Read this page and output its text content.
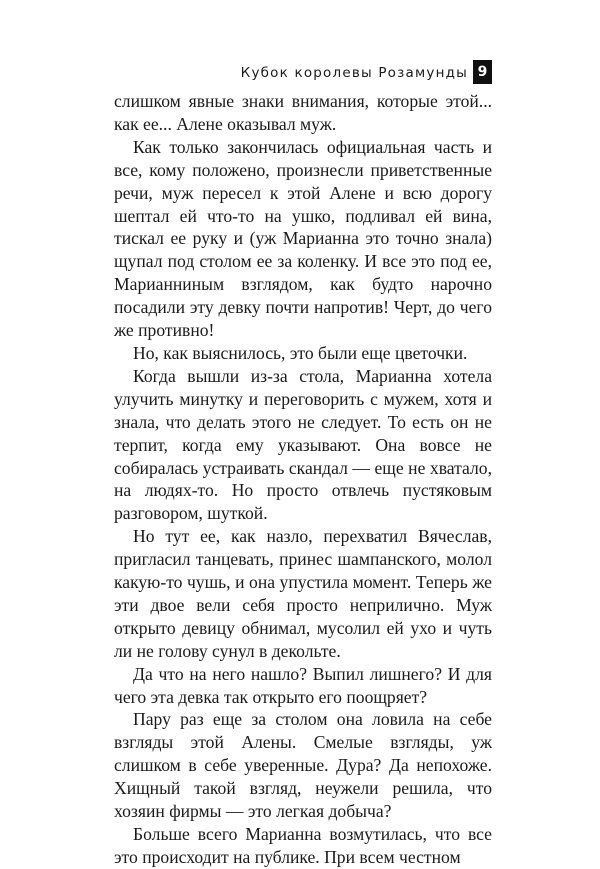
Кубок королевы Розамунды 9

слишком явные знаки внимания, которые этой... как ее... Алене оказывал муж.

Как только закончилась официальная часть и все, кому положено, произнесли приветственные речи, муж пересел к этой Алене и всю дорогу шептал ей что-то на ушко, подливал ей вина, тискал ее руку и (уж Марианна это точно знала) щупал под столом ее за коленку. И все это под ее, Марианниным взглядом, как будто нарочно посадили эту девку почти напротив! Черт, до чего же противно!

Но, как выяснилось, это были еще цветочки.

Когда вышли из-за стола, Марианна хотела улучить минутку и переговорить с мужем, хотя и знала, что делать этого не следует. То есть он не терпит, когда ему указывают. Она вовсе не собиралась устраивать скандал — еще не хватало, на людях-то. Но просто отвлечь пустяковым разговором, шуткой.

Но тут ее, как назло, перехватил Вячеслав, пригласил танцевать, принес шампанского, молол какую-то чушь, и она упустила момент. Теперь же эти двое вели себя просто неприлично. Муж открыто девицу обнимал, мусолил ей ухо и чуть ли не голову сунул в декольте.

Да что на него нашло? Выпил лишнего? И для чего эта девка так открыто его поощряет?

Пару раз еще за столом она ловила на себе взгляды этой Алены. Смелые взгляды, уж слишком в себе уверенные. Дура? Да непохоже. Хищный такой взгляд, неужели решила, что хозяин фирмы — это легкая добыча?

Больше всего Марианна возмутилась, что все это происходит на публике. При всем честном
